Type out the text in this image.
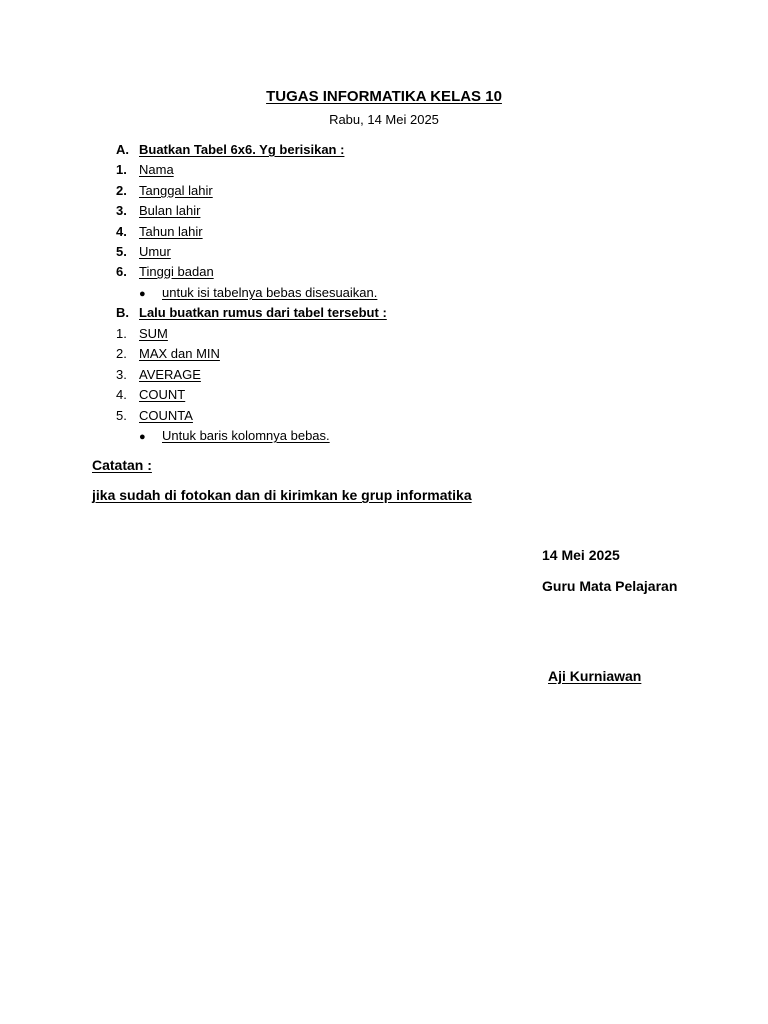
TUGAS INFORMATIKA KELAS 10
Rabu, 14 Mei 2025
A. Buatkan Tabel 6x6. Yg berisikan :
1. Nama
2. Tanggal lahir
3. Bulan lahir
4. Tahun lahir
5. Umur
6. Tinggi badan
● untuk isi tabelnya bebas disesuaikan.
B. Lalu buatkan rumus dari tabel tersebut :
1. SUM
2. MAX dan MIN
3. AVERAGE
4. COUNT
5. COUNTA
● Untuk baris kolomnya bebas.
Catatan :
jika sudah di fotokan dan di kirimkan ke grup informatika
14 Mei 2025
Guru Mata Pelajaran
Aji Kurniawan
